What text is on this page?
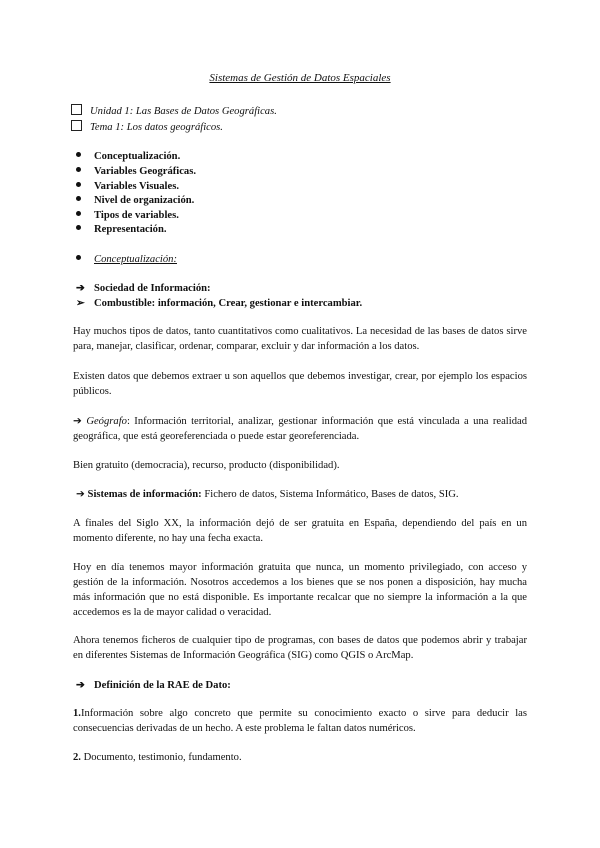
Sistemas de Gestión de Datos Espaciales
Unidad 1: Las Bases de Datos Geográficas.
Tema 1: Los datos geográficos.
Conceptualización.
Variables Geográficas.
Variables Visuales.
Nivel de organización.
Tipos de variables.
Representación.
Conceptualización:
➔ Sociedad de Información:
➢ Combustible: información, Crear, gestionar e intercambiar.
Hay muchos tipos de datos, tanto cuantitativos como cualitativos. La necesidad de las bases de datos sirve para, manejar, clasificar, ordenar, comparar, excluir y dar información a los datos.
Existen datos que debemos extraer u son aquellos que debemos investigar, crear, por ejemplo los espacios públicos.
➔ Geógrafo: Información territorial, analizar, gestionar información que está vinculada a una realidad geográfica, que está georeferenciada o puede estar georeferenciada.
Bien gratuito (democracia), recurso, producto (disponibilidad).
➔ Sistemas de información: Fichero de datos, Sistema Informático, Bases de datos, SIG.
A finales del Siglo XX, la información dejó de ser gratuita en España, dependiendo del país en un momento diferente, no hay una fecha exacta.
Hoy en día tenemos mayor información gratuita que nunca, un momento privilegiado, con acceso y gestión de la información. Nosotros accedemos a los bienes que se nos ponen a disposición, hay mucha más información que no está disponible. Es importante recalcar que no siempre la información a la que accedemos es la de mayor calidad o veracidad.
Ahora tenemos ficheros de cualquier tipo de programas, con bases de datos que podemos abrir y trabajar en diferentes Sistemas de Información Geográfica (SIG) como QGIS o ArcMap.
➔ Definición de la RAE de Dato:
1.Información sobre algo concreto que permite su conocimiento exacto o sirve para deducir las consecuencias derivadas de un hecho. A este problema le faltan datos numéricos.
2. Documento, testimonio, fundamento.
